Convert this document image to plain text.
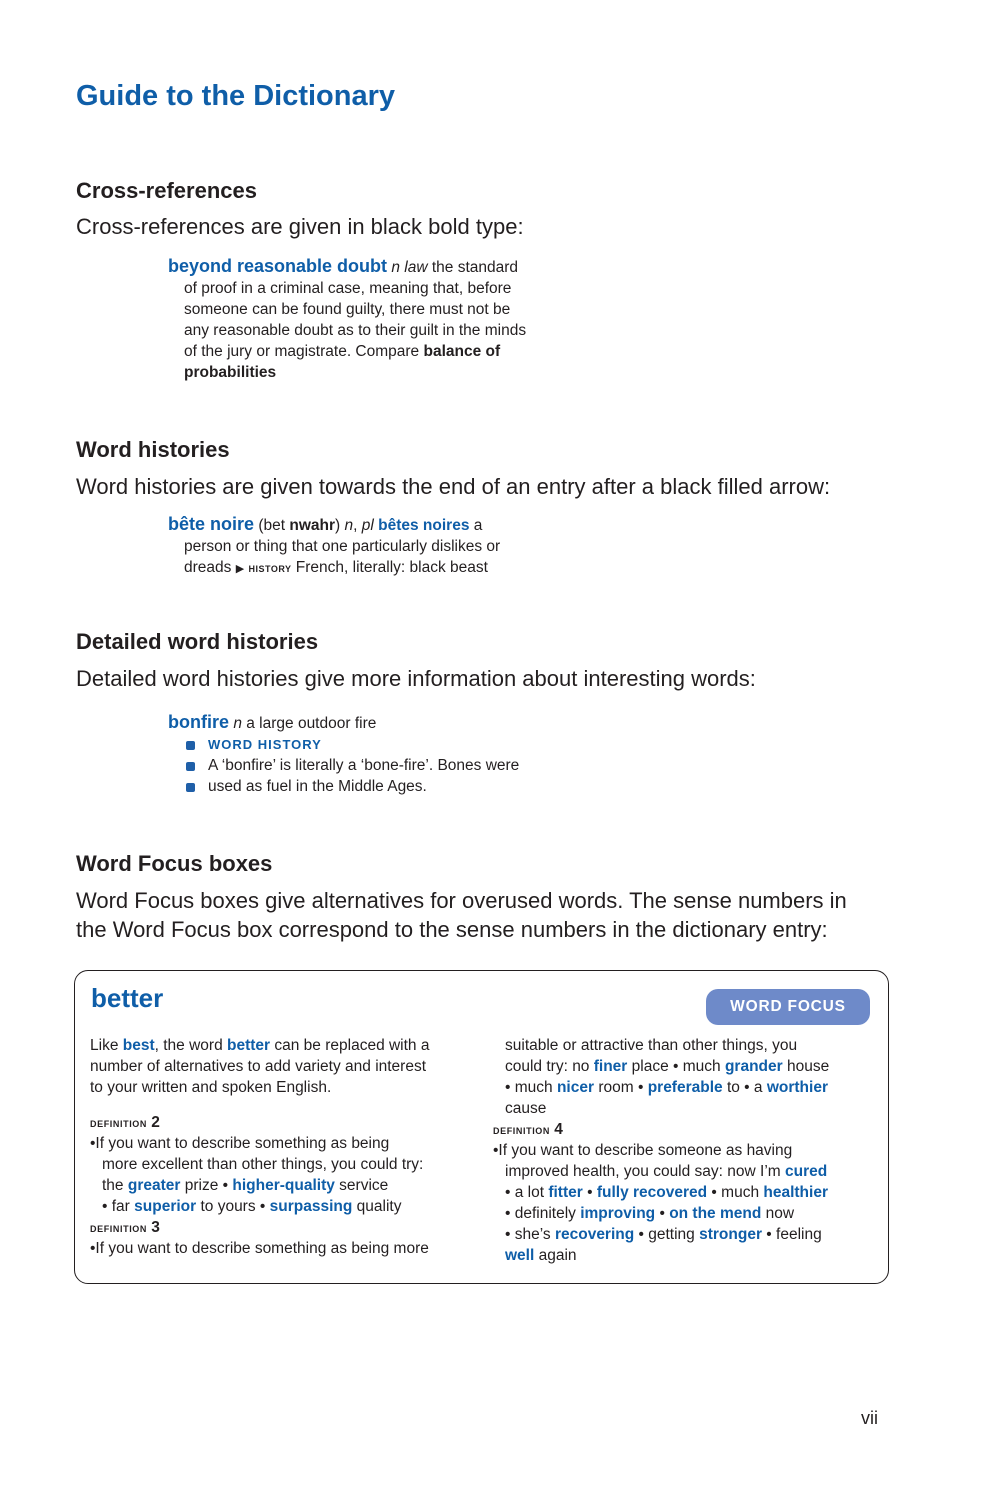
Guide to the Dictionary
Cross-references

Cross-references are given in black bold type:

beyond reasonable doubt n law the standard
of proof in a criminal case, meaning that, before
someone can be found guilty, there must not be
any reasonable doubt as to their guilt in the minds
of the jury or magistrate. Compare balance of
probabilities
Word histories

Word histories are given towards the end of an entry after a black filled arrow:

bête noire (bet nwahr) n, pl bêtes noires a
person or thing that one particularly dislikes or
dreads ▶ history French, literally: black beast
Detailed word histories

Detailed word histories give more information about interesting words:

bonfire n a large outdoor fire
WORD HISTORY
A ‘bonfire’ is literally a ‘bone-fire’. Bones were
used as fuel in the Middle Ages.
Word Focus boxes

Word Focus boxes give alternatives for overused words. The sense numbers in
the Word Focus box correspond to the sense numbers in the dictionary entry:

better	WORD FOCUS
Like best, the word better can be replaced with a
number of alternatives to add variety and interest
to your written and spoken English.
definition 2
•If you want to describe something as being
more excellent than other things, you could try:
the greater prize • higher-quality service
• far superior to yours • surpassing quality
definition 3
•If you want to describe something as being more
suitable or attractive than other things, you
could try: no finer place • much grander house
• much nicer room • preferable to • a worthier
cause
definition 4
•If you want to describe someone as having
improved health, you could say: now I’m cured
• a lot fitter • fully recovered • much healthier
• definitely improving • on the mend now
• she’s recovering • getting stronger • feeling
well again
vii
